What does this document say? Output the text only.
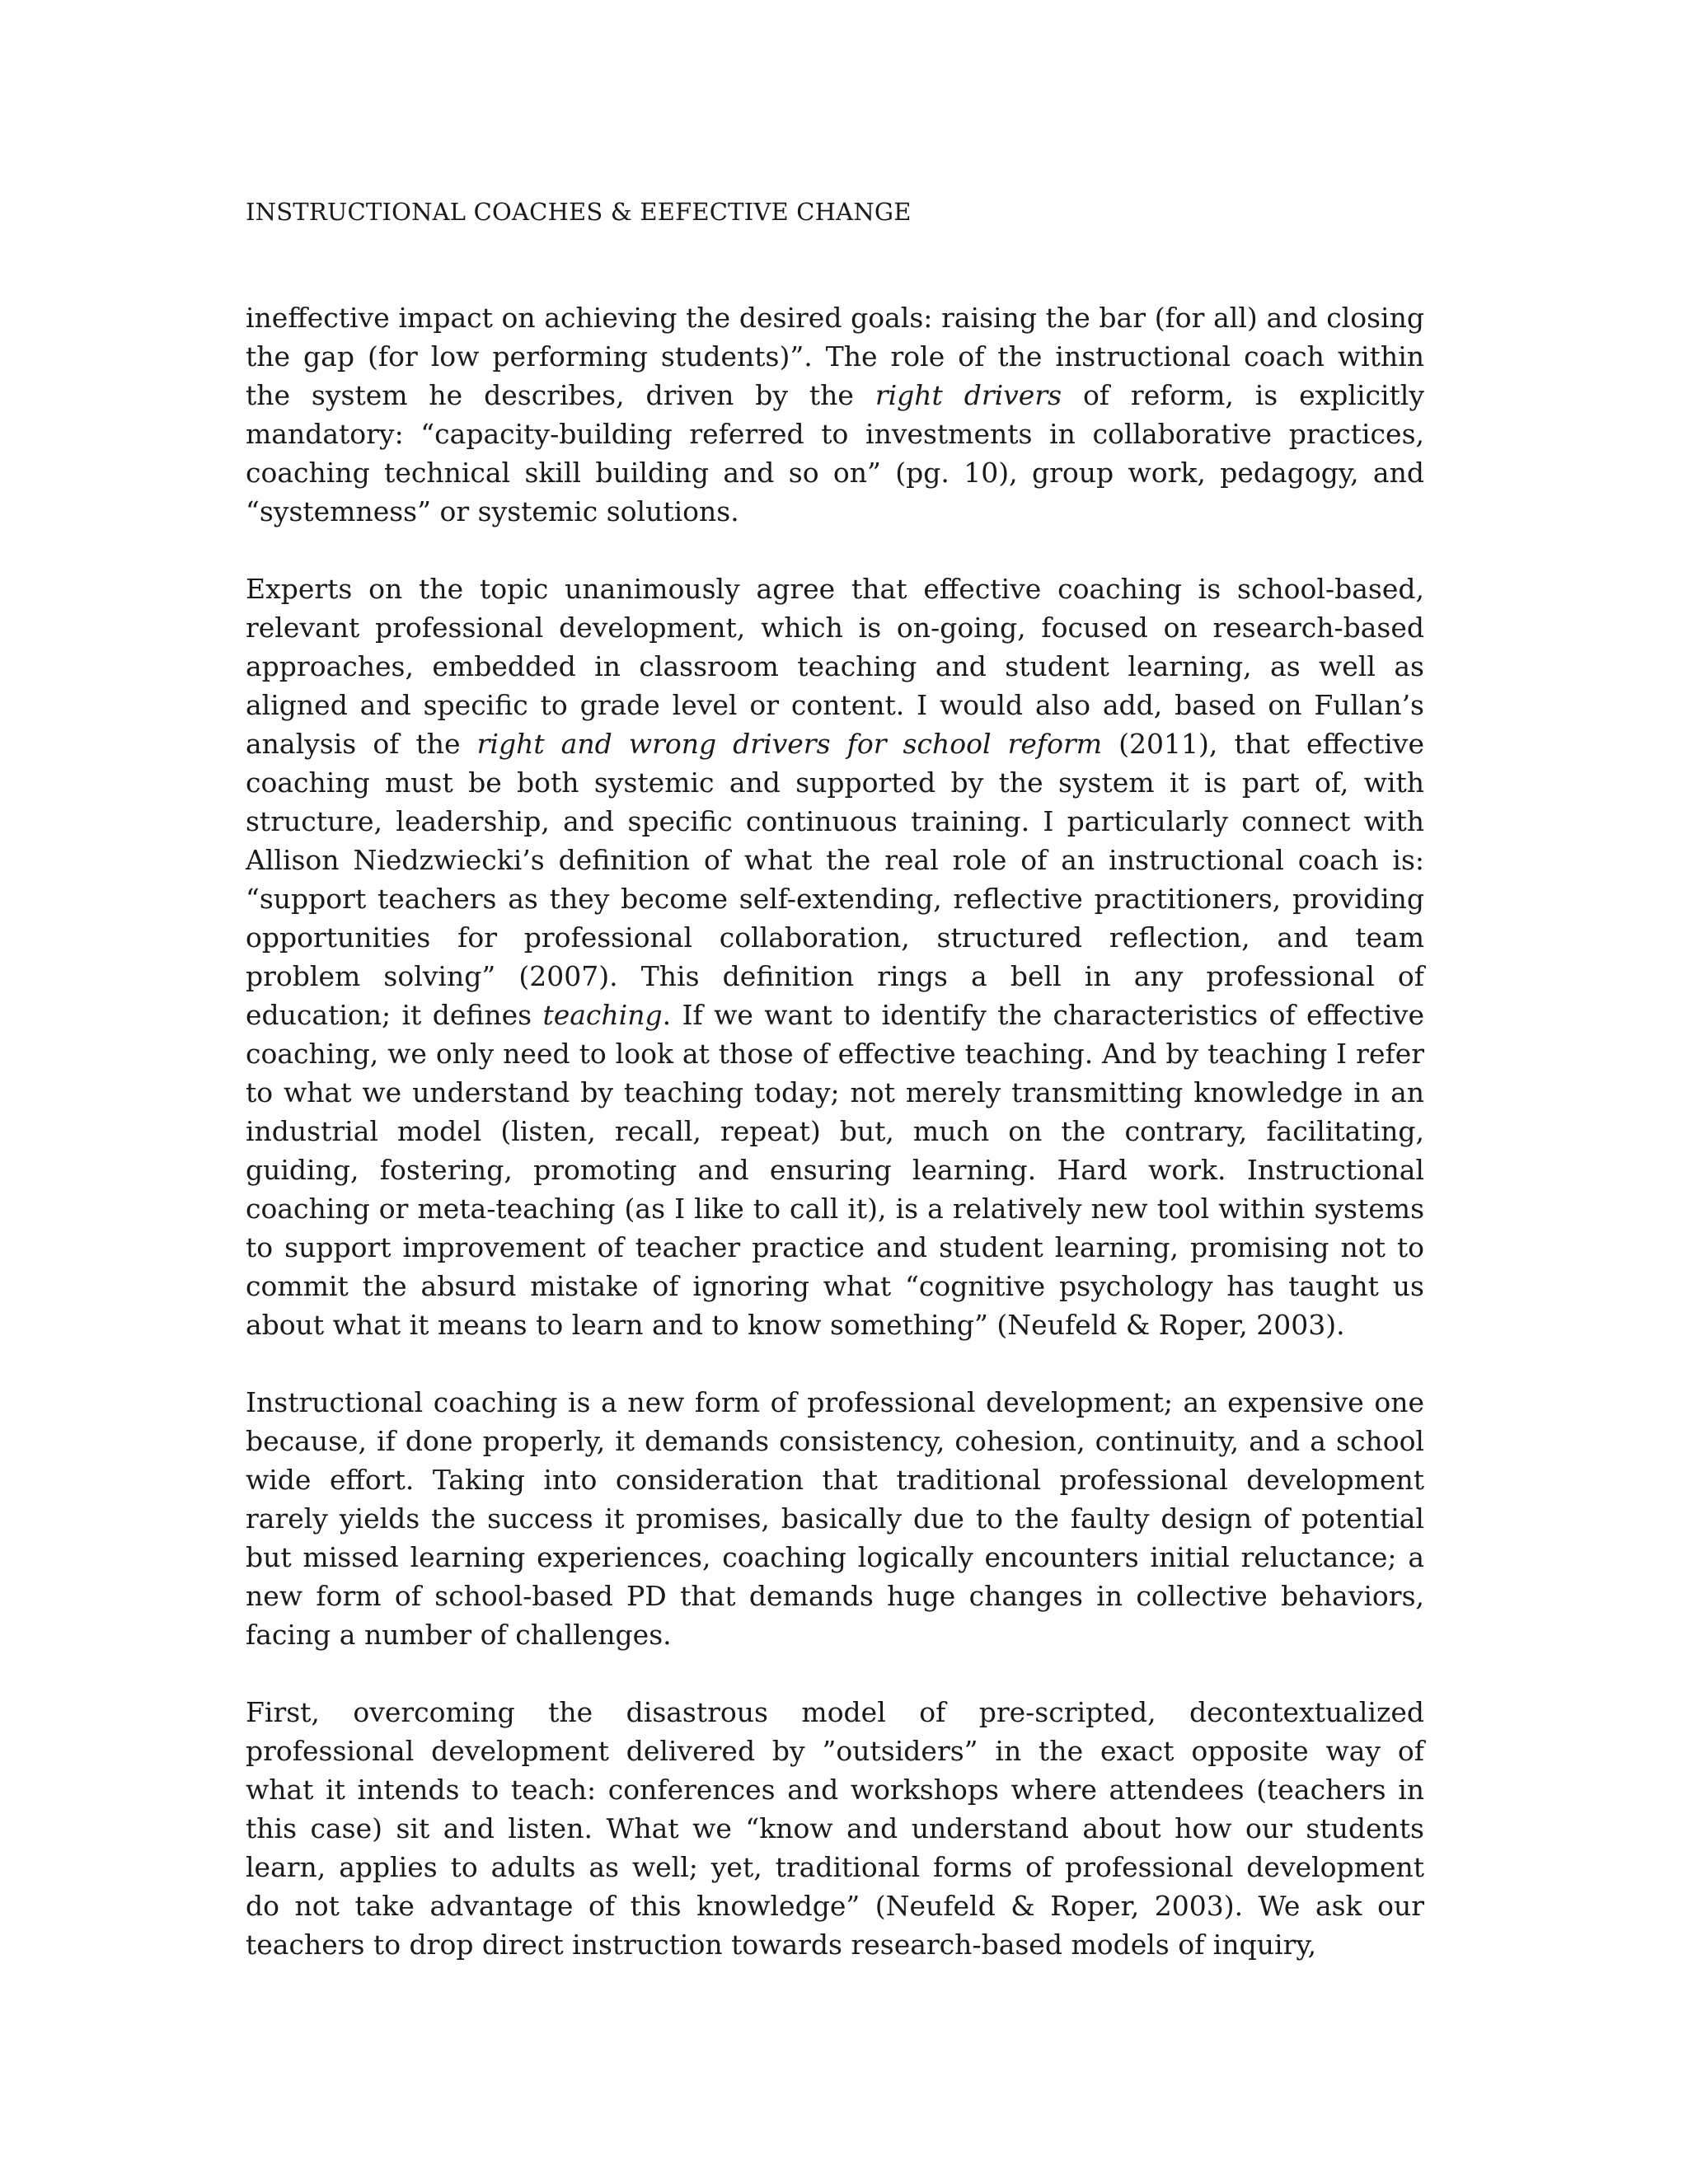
INSTRUCTIONAL COACHES & EEFECTIVE CHANGE

ineffective impact on achieving the desired goals: raising the bar (for all) and closing
the gap (for low performing students)”. The role of the instructional coach within
the system he describes, driven by the right drivers of reform, is explicitly
mandatory: “capacity-building referred to investments in collaborative practices,
coaching technical skill building and so on” (pg. 10), group work, pedagogy, and
“systemness” or systemic solutions.

Experts on the topic unanimously agree that effective coaching is school-based,
relevant professional development, which is on-going, focused on research-based
approaches, embedded in classroom teaching and student learning, as well as
aligned and specific to grade level or content. I would also add, based on Fullan’s
analysis of the right and wrong drivers for school reform (2011), that effective
coaching must be both systemic and supported by the system it is part of, with
structure, leadership, and specific continuous training. I particularly connect with
Allison Niedzwiecki’s definition of what the real role of an instructional coach is:
“support teachers as they become self-extending, reflective practitioners, providing
opportunities for professional collaboration, structured reflection, and team
problem solving” (2007). This definition rings a bell in any professional of
education; it defines teaching. If we want to identify the characteristics of effective
coaching, we only need to look at those of effective teaching. And by teaching I refer
to what we understand by teaching today; not merely transmitting knowledge in an
industrial model (listen, recall, repeat) but, much on the contrary, facilitating,
guiding, fostering, promoting and ensuring learning. Hard work. Instructional
coaching or meta-teaching (as I like to call it), is a relatively new tool within systems
to support improvement of teacher practice and student learning, promising not to
commit the absurd mistake of ignoring what “cognitive psychology has taught us
about what it means to learn and to know something” (Neufeld & Roper, 2003).

Instructional coaching is a new form of professional development; an expensive one
because, if done properly, it demands consistency, cohesion, continuity, and a school
wide effort. Taking into consideration that traditional professional development
rarely yields the success it promises, basically due to the faulty design of potential
but missed learning experiences, coaching logically encounters initial reluctance; a
new form of school-based PD that demands huge changes in collective behaviors,
facing a number of challenges.

First, overcoming the disastrous model of pre-scripted, decontextualized
professional development delivered by ”outsiders” in the exact opposite way of
what it intends to teach: conferences and workshops where attendees (teachers in
this case) sit and listen. What we “know and understand about how our students
learn, applies to adults as well; yet, traditional forms of professional development
do not take advantage of this knowledge” (Neufeld & Roper, 2003). We ask our
teachers to drop direct instruction towards research-based models of inquiry,
